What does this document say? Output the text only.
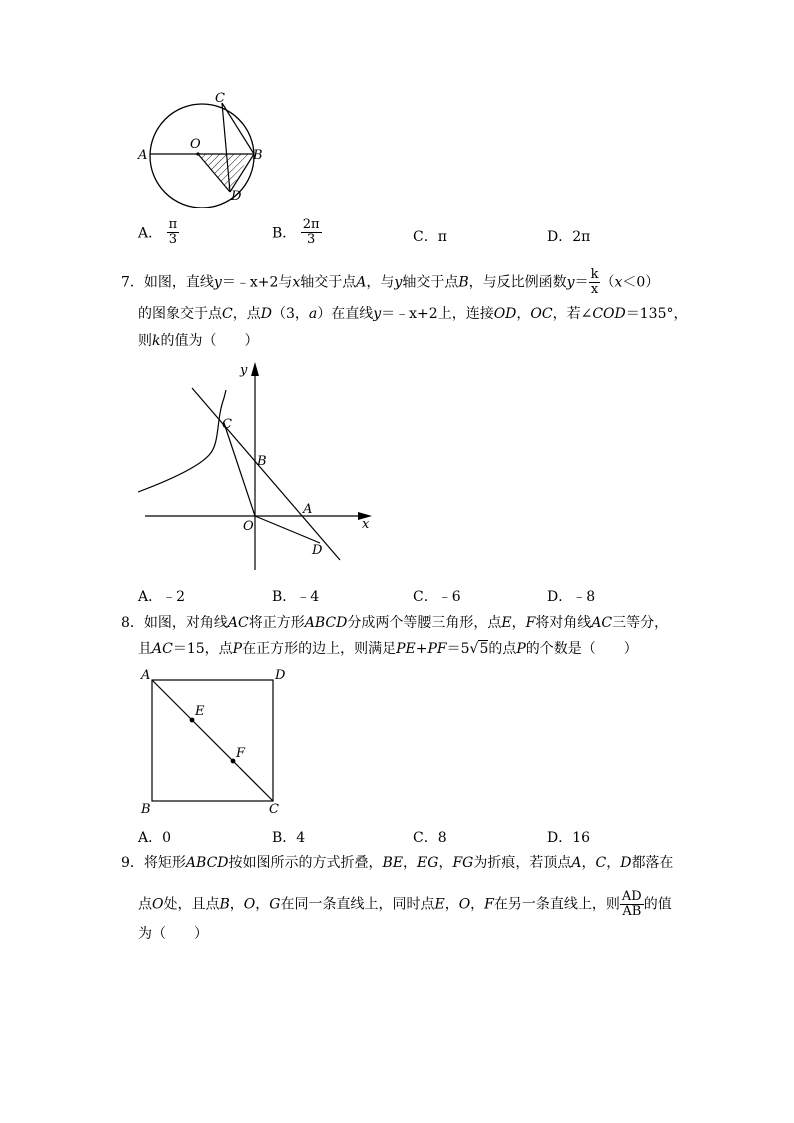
A
O
C
B
D
A． $\frac{\pi}{3}$	B． $\frac{2\pi}{3}$	C．π	D．2π
7．如图，直线y＝﹣x+2与x轴交于点A，与y轴交于点B，与反比例函数$y= \frac{k}{x} (x<0)$
的图象交于点C，点D（3，a）在直线y＝﹣x+2上，连接OD，OC，若∠COD＝135°，
则k的值为（　　）
y
x
C
B
A
O
D
A．﹣2	B．﹣4	C．﹣6	D．﹣8
8．如图，对角线AC将正方形ABCD分成两个等腰三角形，点E，F将对角线AC三等分，
且AC＝15，点P在正方形的边上，则满足PE+PF＝5√5的点P的个数是（　　）
A	D
E
F
B	C
A．0	B．4	C．8	D．16
9．将矩形ABCD按如图所示的方式折叠，BE，EG，FG为折痕，若顶点A，C，D都落在
点O处，且点B，O，G在同一条直线上，同时点E，O，F在另一条直线上，则 $\frac{AD}{AB}$ 的值
为（　　）
